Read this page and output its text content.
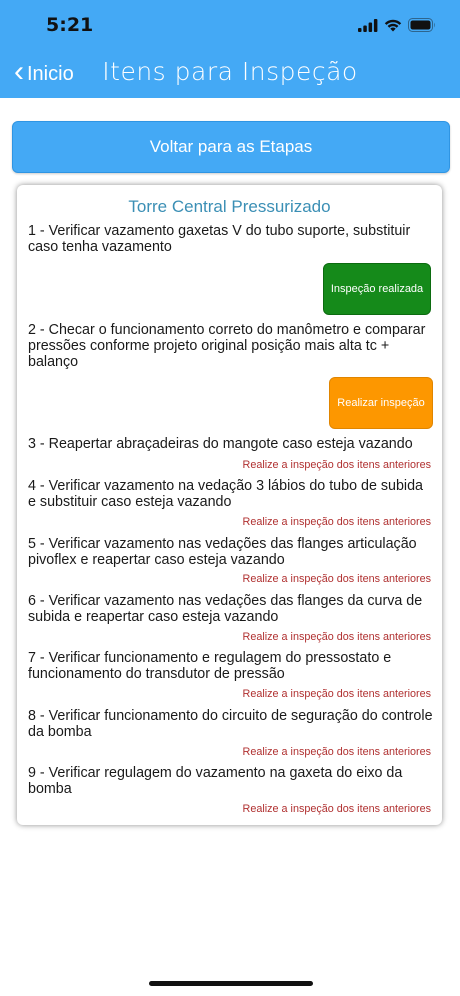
5:21
‹ Inicio	Itens para Inspeção
Voltar para as Etapas
Torre Central Pressurizado
1 - Verificar vazamento gaxetas V do tubo suporte, substituir caso tenha vazamento
Inspeção realizada
2 - Checar o funcionamento correto do manômetro e comparar pressões conforme projeto original posição mais alta tc + balanço
Realizar inspeção
3 - Reapertar abraçadeiras do mangote caso esteja vazando
Realize a inspeção dos itens anteriores
4 - Verificar vazamento na vedação 3 lábios do tubo de subida e substituir caso esteja vazando
Realize a inspeção dos itens anteriores
5 - Verificar vazamento nas vedações das flanges articulação pivoflex e reapertar caso esteja vazando
Realize a inspeção dos itens anteriores
6 - Verificar vazamento nas vedações das flanges da curva de subida e reapertar caso esteja vazando
Realize a inspeção dos itens anteriores
7 - Verificar funcionamento e regulagem do pressostato e funcionamento do transdutor de pressão
Realize a inspeção dos itens anteriores
8 - Verificar funcionamento do circuito de seguração do controle da bomba
Realize a inspeção dos itens anteriores
9 - Verificar regulagem do vazamento na gaxeta do eixo da bomba
Realize a inspeção dos itens anteriores
